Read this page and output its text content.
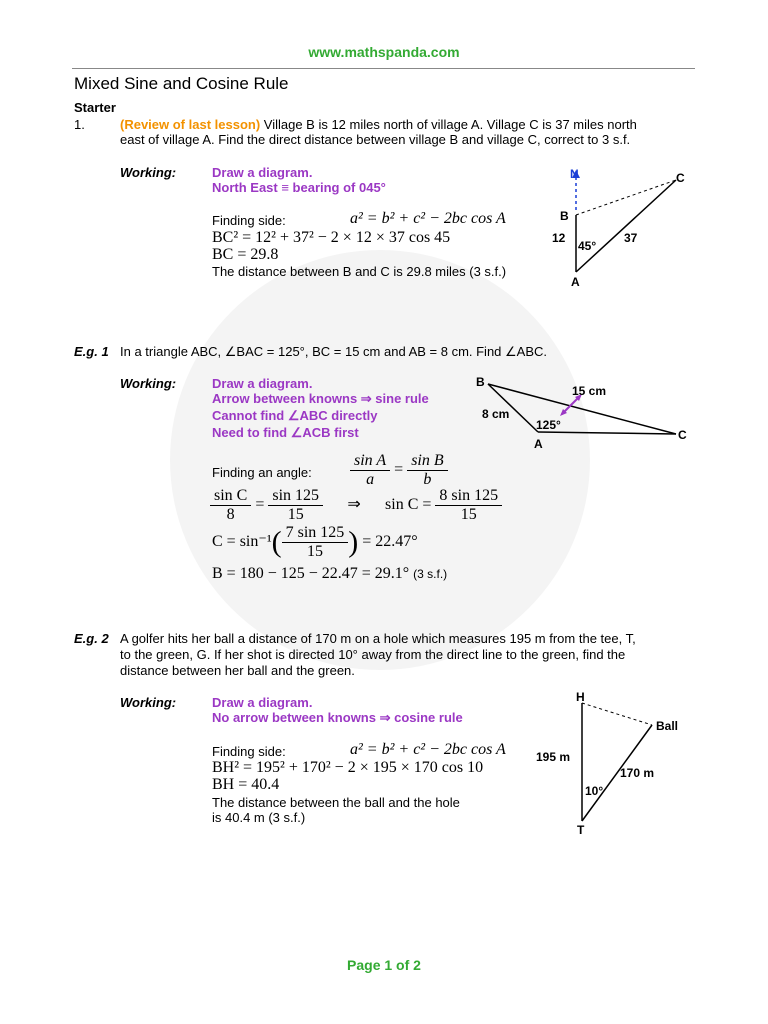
www.mathspanda.com
Mixed Sine and Cosine Rule
Starter
1.	(Review of last lesson) Village B is 12 miles north of village A. Village C is 37 miles north
east of village A. Find the direct distance between village B and village C, correct to 3 s.f.
Working:	Draw a diagram.
North East ≡ bearing of 045°
Finding side:	a² = b² + c² − 2bc cos A
BC² = 12² + 37² − 2 × 12 × 37 cos 45
BC = 29.8
The distance between B and C is 29.8 miles (3 s.f.)
N	C
B
12
45°
37
A
E.g. 1 In a triangle ABC, ∠BAC = 125°, BC = 15 cm and AB = 8 cm. Find ∠ABC.
Working:	Draw a diagram.
Arrow between knowns ⇒ sine rule
Cannot find ∠ABC directly
Need to find ∠ACB first
Finding an angle: $\frac{\text{sin A}}{a} = \frac{\text{sin B}}{b}$
$\frac{\text{sin C}}{8} = \frac{\sin 125}{15}$ ⇒ $\sin C = \frac{8 \sin 125}{15}$
$C = \sin^{-1}( \frac{7 \sin 125}{15}$ ) = 22.47°
B = 180 − 125 − 22.47 = 29.1° (3 s.f.)
B
15 cm
8 cm
125°
A
C
E.g. 2 A golfer hits her ball a distance of 170 m on a hole which measures 195 m from the tee, T,
to the green, G. If her shot is directed 10° away from the direct line to the green, find the
distance between her ball and the green.
Working:	Draw a diagram.
No arrow between knowns ⇒ cosine rule
Finding side:	a² = b² + c² − 2bc cos A
BH² = 195² + 170² − 2 × 195 × 170 cos 10
BH = 40.4
The distance between the ball and the hole
is 40.4 m (3 s.f.)
H
Ball
195 m
170 m
10°
T
Page 1 of 2
